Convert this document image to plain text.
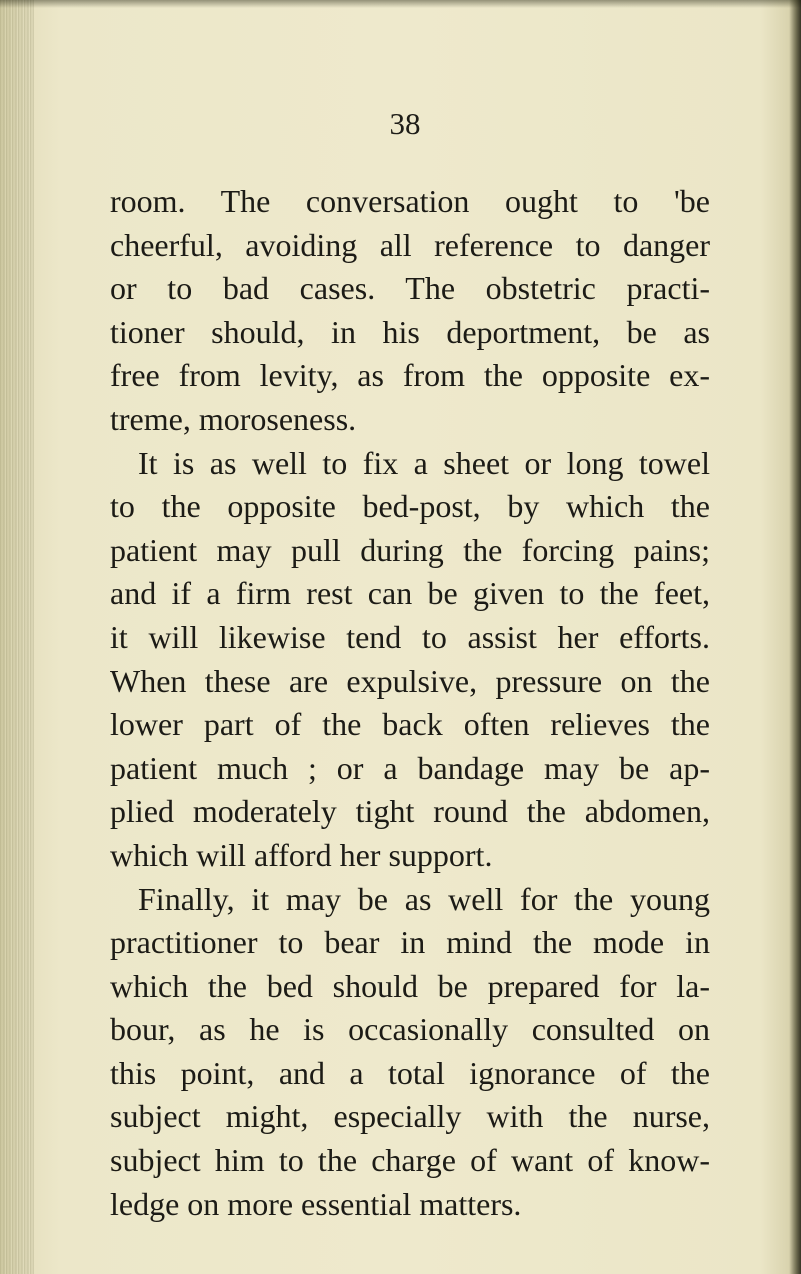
38
room. The conversation ought to 'be
cheerful, avoiding all reference to danger
or to bad cases. The obstetric practi-
tioner should, in his deportment, be as
free from levity, as from the opposite ex-
treme, moroseness.
It is as well to fix a sheet or long towel
to the opposite bed-post, by which the
patient may pull during the forcing pains;
and if a firm rest can be given to the feet,
it will likewise tend to assist her efforts.
When these are expulsive, pressure on the
lower part of the back often relieves the
patient much ; or a bandage may be ap-
plied moderately tight round the abdomen,
which will afford her support.
Finally, it may be as well for the young
practitioner to bear in mind the mode in
which the bed should be prepared for la-
bour, as he is occasionally consulted on
this point, and a total ignorance of the
subject might, especially with the nurse,
subject him to the charge of want of know-
ledge on more essential matters.
